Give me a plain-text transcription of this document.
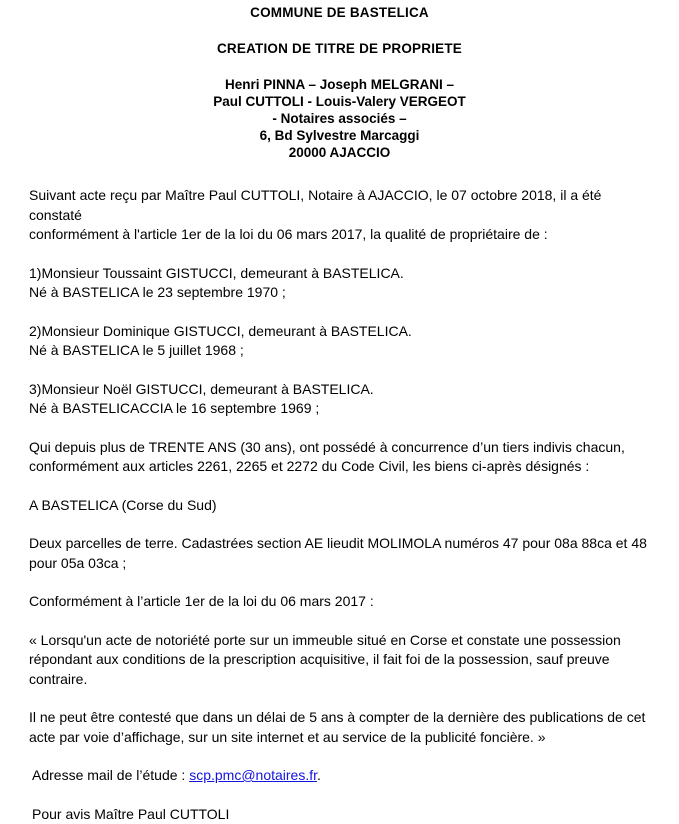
COMMUNE DE BASTELICA

CREATION DE TITRE DE PROPRIETE

Henri PINNA – Joseph MELGRANI –

Paul CUTTOLI - Louis-Valery VERGEOT

- Notaires associés –

6, Bd Sylvestre Marcaggi

20000 AJACCIO

Suivant acte reçu par Maître Paul CUTTOLI, Notaire à AJACCIO, le 07 octobre 2018, il a été constaté

conformément à l'article 1er de la loi du 06 mars 2017, la qualité de propriétaire de :

1)Monsieur Toussaint GISTUCCI, demeurant à BASTELICA.

Né à BASTELICA le 23 septembre 1970 ;

2)Monsieur Dominique GISTUCCI, demeurant à BASTELICA.

Né à BASTELICA le 5 juillet 1968 ;

3)Monsieur Noël GISTUCCI, demeurant à BASTELICA.

Né à BASTELICACCIA le 16 septembre 1969 ;

Qui depuis plus de TRENTE ANS (30 ans), ont possédé à concurrence d’un tiers indivis chacun,

conformément aux articles 2261, 2265 et 2272 du Code Civil, les biens ci-après désignés :

A BASTELICA (Corse du Sud)

Deux parcelles de terre. Cadastrées section AE lieudit MOLIMOLA numéros 47 pour 08a 88ca et 48

pour 05a 03ca ;

Conformément à l’article 1er de la loi du 06 mars 2017 :

« Lorsqu'un acte de notoriété porte sur un immeuble situé en Corse et constate une possession

répondant aux conditions de la prescription acquisitive, il fait foi de la possession, sauf preuve

contraire.

Il ne peut être contesté que dans un délai de 5 ans à compter de la dernière des publications de cet

acte par voie d’affichage, sur un site internet et au service de la publicité foncière. »

Adresse mail de l’étude : scp.pmc@notaires.fr.

Pour avis Maître Paul CUTTOLI
